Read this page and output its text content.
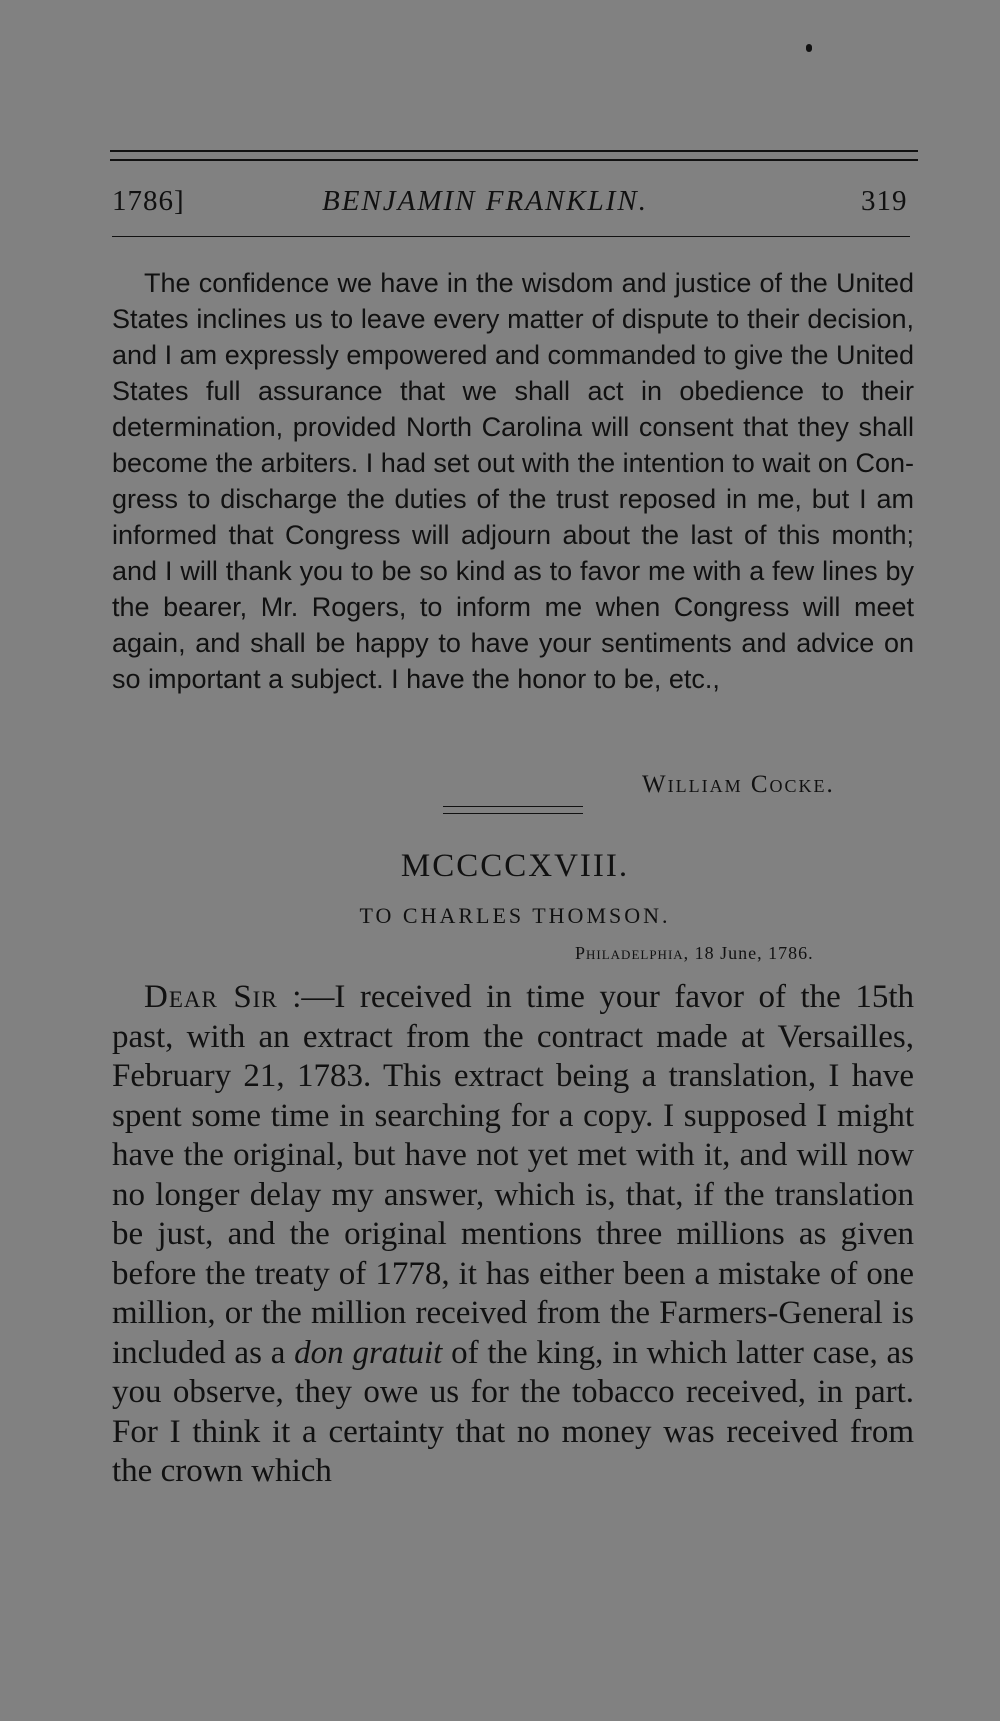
1786]	BENJAMIN FRANKLIN.	319

The confidence we have in the wisdom and justice of the United States inclines us to leave every matter of dispute to their decision, and I am expressly empowered and commanded to give the United States full assurance that we shall act in obedience to their determination, provided North Carolina will consent that they shall become the arbiters. I had set out with the intention to wait on Congress to discharge the duties of the trust reposed in me, but I am informed that Congress will adjourn about the last of this month; and I will thank you to be so kind as to favor me with a few lines by the bearer, Mr. Rogers, to inform me when Congress will meet again, and shall be happy to have your sentiments and advice on so important a subject. I have the honor to be, etc.,

William Cocke.
MCCCCXVIII.
TO CHARLES THOMSON.
Philadelphia, 18 June, 1786.

Dear Sir :—I received in time your favor of the 15th past, with an extract from the contract made at Versailles, February 21, 1783. This extract being a translation, I have spent some time in searching for a copy. I supposed I might have the original, but have not yet met with it, and will now no longer delay my answer, which is, that, if the translation be just, and the original mentions three millions as given before the treaty of 1778, it has either been a mistake of one million, or the million received from the Farmers-General is included as a don gratuit of the king, in which latter case, as you observe, they owe us for the tobacco received, in part. For I think it a certainty that no money was received from the crown which
